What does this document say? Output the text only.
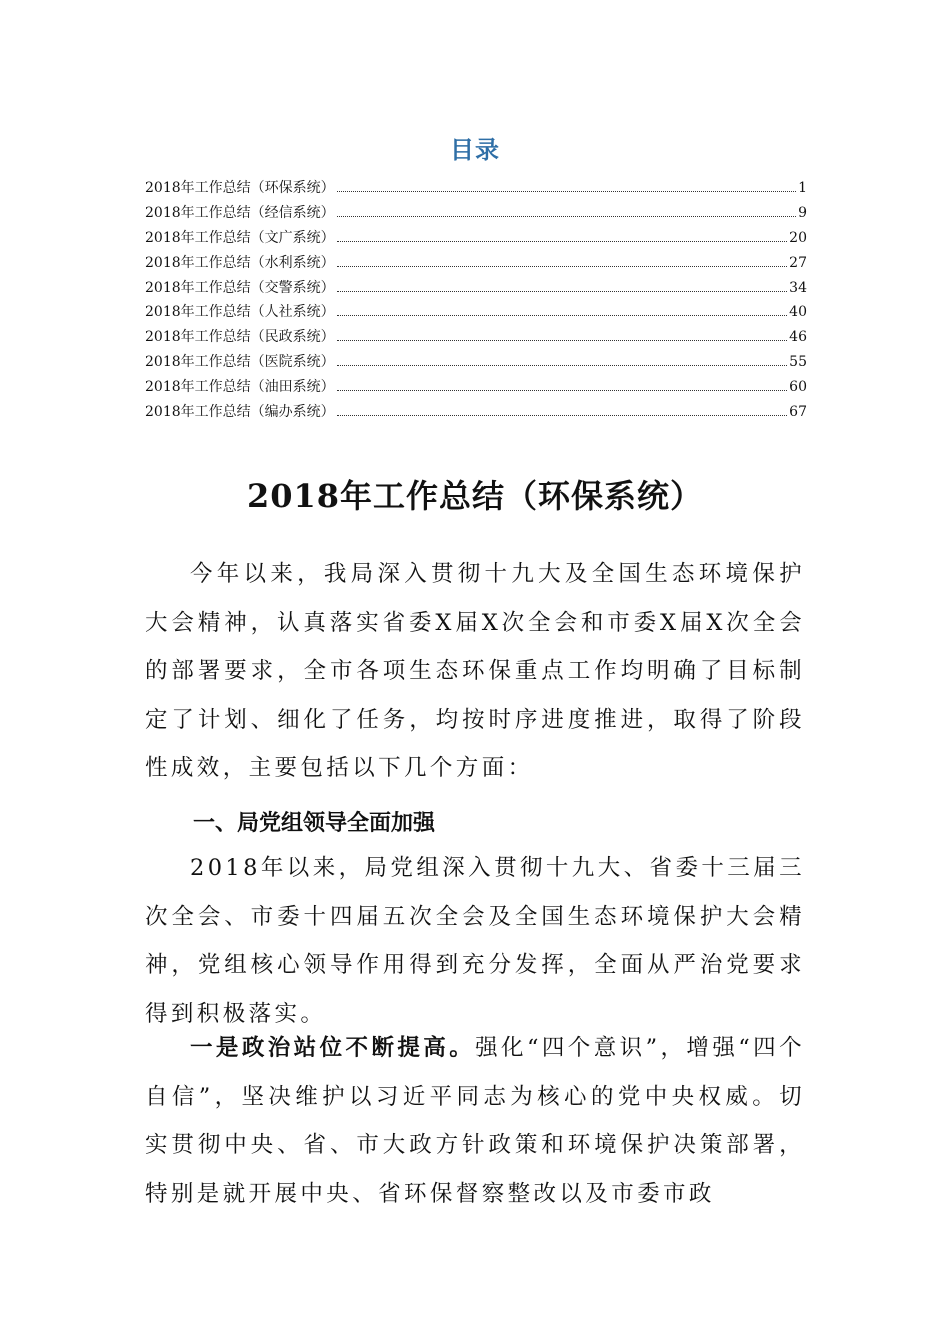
目录
2018年工作总结（环保系统）	1
2018年工作总结（经信系统）	9
2018年工作总结（文广系统）	20
2018年工作总结（水利系统）	27
2018年工作总结（交警系统）	34
2018年工作总结（人社系统）	40
2018年工作总结（民政系统）	46
2018年工作总结（医院系统）	55
2018年工作总结（油田系统）	60
2018年工作总结（编办系统）	67
2018年工作总结（环保系统）

今年以来，我局深入贯彻十九大及全国生态环境保护大会精神，认真落实省委X届X次全会和市委X届X次全会的部署要求，全市各项生态环保重点工作均明确了目标制定了计划、细化了任务，均按时序进度推进，取得了阶段性成效，主要包括以下几个方面：

一、局党组领导全面加强

2018年以来，局党组深入贯彻十九大、省委十三届三次全会、市委十四届五次全会及全国生态环境保护大会精神，党组核心领导作用得到充分发挥，全面从严治党要求得到积极落实。

一是政治站位不断提高。强化“四个意识”，增强“四个自信”，坚决维护以习近平同志为核心的党中央权威。切实贯彻中央、省、市大政方针政策和环境保护决策部署，特别是就开展中央、省环保督察整改以及市委市政
